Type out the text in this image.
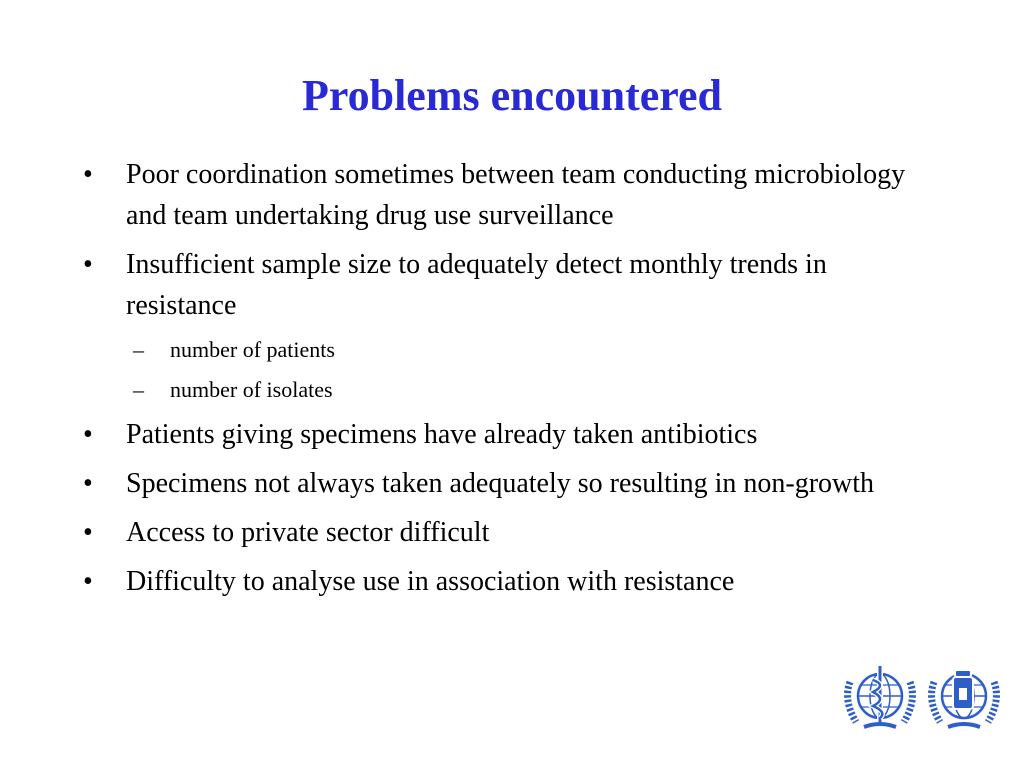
Problems encountered
• Poor coordination sometimes between team conducting microbiology and team undertaking drug use surveillance
• Insufficient sample size to adequately detect monthly trends in resistance
– number of patients
– number of isolates
• Patients giving specimens have already taken antibiotics
• Specimens not always taken adequately so resulting in non-growth
• Access to private sector difficult
• Difficulty to analyse use in association with resistance
